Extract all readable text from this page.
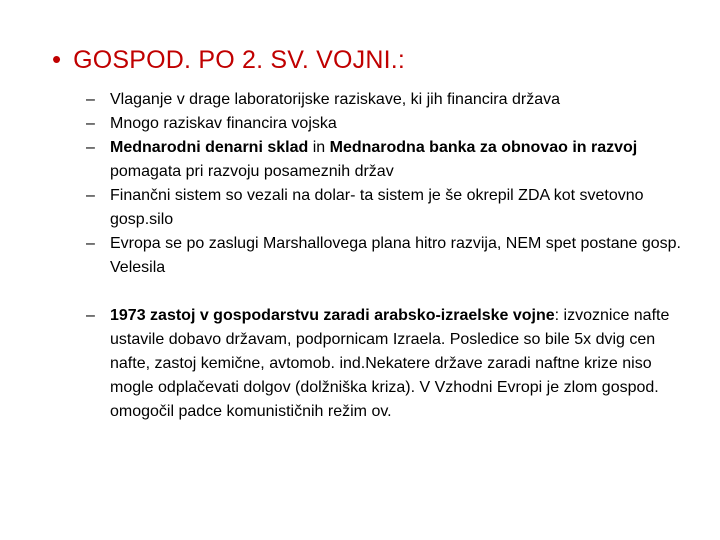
• GOSPOD. PO 2. SV. VOJNI.:
– Vlaganje v drage laboratorijske raziskave, ki jih financira država
– Mnogo raziskav financira vojska
– Mednarodni denarni sklad in Mednarodna banka za obnovao in razvoj pomagata pri razvoju posameznih držav
– Finančni sistem so vezali na dolar- ta sistem je še okrepil ZDA kot svetovno gosp.silo
– Evropa se po zaslugi Marshallovega plana hitro razvija, NEM spet postane gosp. Velesila
– 1973 zastoj v gospodarstvu zaradi arabsko-izraelske vojne: izvoznice nafte ustavile dobavo državam, podpornicam Izraela. Posledice so bile 5x dvig cen nafte, zastoj kemične, avtomob. ind.Nekatere države zaradi naftne krize niso mogle odplačevati dolgov (dolžniška kriza). V Vzhodni Evropi je zlom gospod. omogočil padce komunističnih režim ov.
